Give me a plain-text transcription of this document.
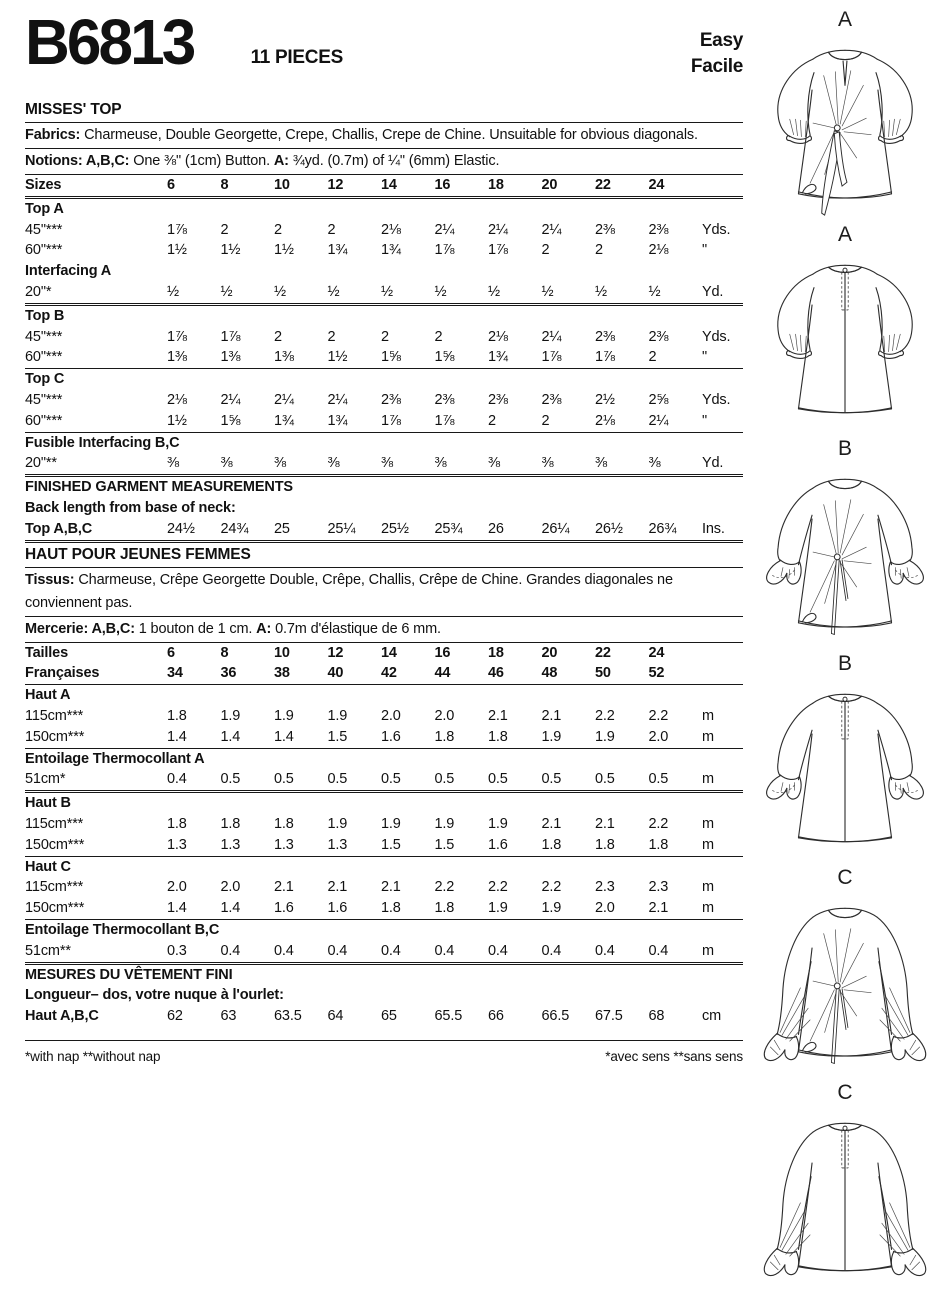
B6813	11 PIECES
Easy
Facile
MISSES' TOP
Fabrics: Charmeuse, Double Georgette, Crepe, Challis, Crepe de Chine. Unsuitable for obvious diagonals.
Notions: A,B,C: One ⅜" (1cm) Button. A: ¾yd. (0.7m) of ¼" (6mm) Elastic.
Sizes	6	8	10	12	14	16	18	20	22	24
Top A
45"***	1⅞	2	2	2	2⅛	2¼	2¼	2¼	2⅜	2⅜	Yds.
60"***	1½	1½	1½	1¾	1¾	1⅞	1⅞	2	2	2⅛	"
Interfacing A
20"*	½	½	½	½	½	½	½	½	½	½	Yd.
Top B
45"***	1⅞	1⅞	2	2	2	2	2⅛	2¼	2⅜	2⅜	Yds.
60"***	1⅜	1⅜	1⅜	1½	1⅝	1⅝	1¾	1⅞	1⅞	2	"
Top C
45"***	2⅛	2¼	2¼	2¼	2⅜	2⅜	2⅜	2⅜	2½	2⅝	Yds.
60"***	1½	1⅝	1¾	1¾	1⅞	1⅞	2	2	2⅛	2¼	"
Fusible Interfacing B,C
20"**	⅜	⅜	⅜	⅜	⅜	⅜	⅜	⅜	⅜	⅜	Yd.
FINISHED GARMENT MEASUREMENTS
Back length from base of neck:
Top A,B,C	24½	24¾	25	25¼	25½	25¾	26	26¼	26½	26¾	Ins.
HAUT POUR JEUNES FEMMES
Tissus: Charmeuse, Crêpe Georgette Double, Crêpe, Challis, Crêpe de Chine. Grandes diagonales ne conviennent pas.
Mercerie: A,B,C: 1 bouton de 1 cm. A: 0.7m d'élastique de 6 mm.
Tailles	6	8	10	12	14	16	18	20	22	24
Françaises	34	36	38	40	42	44	46	48	50	52
Haut A
115cm***	1.8	1.9	1.9	1.9	2.0	2.0	2.1	2.1	2.2	2.2	m
150cm***	1.4	1.4	1.4	1.5	1.6	1.8	1.8	1.9	1.9	2.0	m
Entoilage Thermocollant A
51cm*	0.4	0.5	0.5	0.5	0.5	0.5	0.5	0.5	0.5	0.5	m
Haut B
115cm***	1.8	1.8	1.8	1.9	1.9	1.9	1.9	2.1	2.1	2.2	m
150cm***	1.3	1.3	1.3	1.3	1.5	1.5	1.6	1.8	1.8	1.8	m
Haut C
115cm***	2.0	2.0	2.1	2.1	2.1	2.2	2.2	2.2	2.3	2.3	m
150cm***	1.4	1.4	1.6	1.6	1.8	1.8	1.9	1.9	2.0	2.1	m
Entoilage Thermocollant B,C
51cm**	0.3	0.4	0.4	0.4	0.4	0.4	0.4	0.4	0.4	0.4	m
MESURES DU VÊTEMENT FINI
Longueur– dos, votre nuque à l'ourlet:
Haut A,B,C	62	63	63.5	64	65	65.5	66	66.5	67.5	68	cm
*with nap **without nap	*avec sens **sans sens
A
A
B
B
C
C
